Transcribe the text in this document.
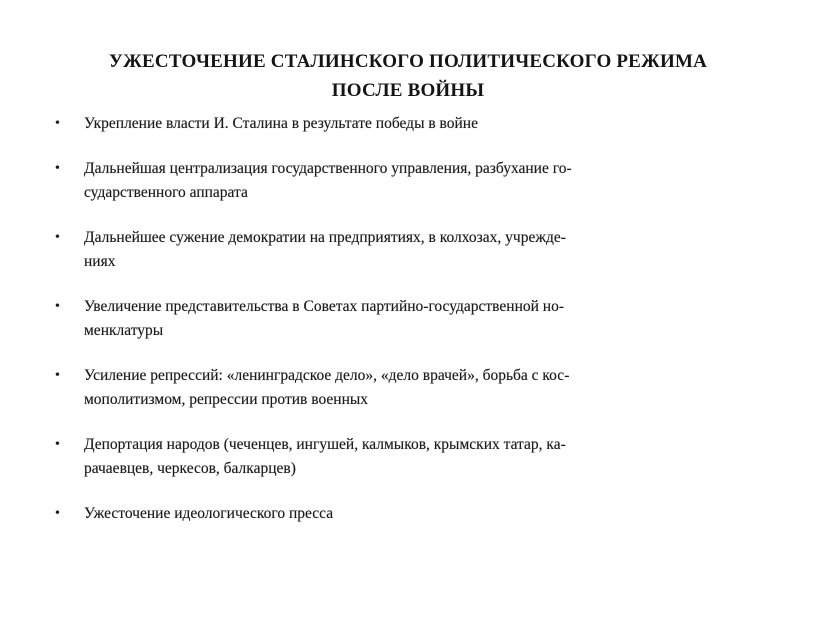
УЖЕСТОЧЕНИЕ СТАЛИНСКОГО ПОЛИТИЧЕСКОГО РЕЖИМА
ПОСЛЕ ВОЙНЫ
•	Укрепление власти И. Сталина в результате победы в войне
•	Дальнейшая централизация государственного управления, разбухание го-
сударственного аппарата
•	Дальнейшее сужение демократии на предприятиях, в колхозах, учрежде-
ниях
•	Увеличение представительства в Советах партийно-государственной но-
менклатуры
•	Усиление репрессий: «ленинградское дело», «дело врачей», борьба с кос-
мополитизмом, репрессии против военных
•	Депортация народов (чеченцев, ингушей, калмыков, крымских татар, ка-
рачаевцев, черкесов, балкарцев)
•	Ужесточение идеологического пресса
